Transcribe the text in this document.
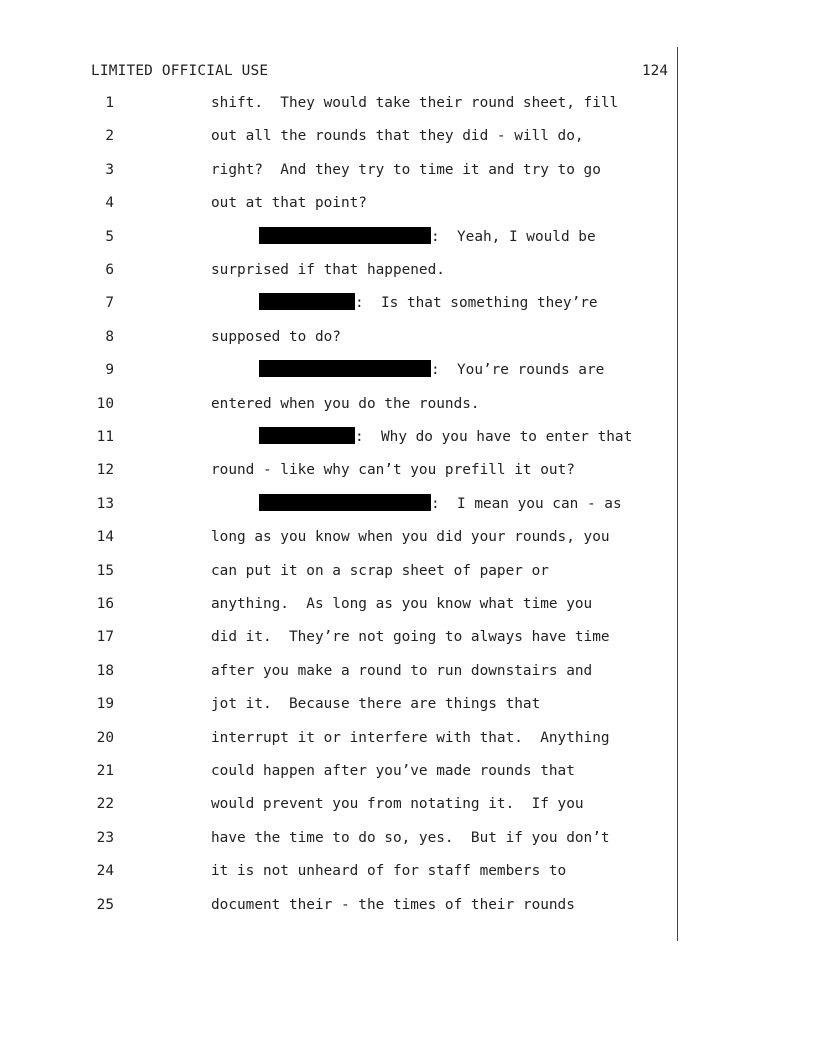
LIMITED OFFICIAL USE	124
1	shift.  They would take their round sheet, fill
2	out all the rounds that they did - will do,
3	right?  And they try to time it and try to go
4	out at that point?
5	:  Yeah, I would be
6	surprised if that happened.
7	:  Is that something they’re
8	supposed to do?
9	:  You’re rounds are
10	entered when you do the rounds.
11	:  Why do you have to enter that
12	round - like why can’t you prefill it out?
13	:  I mean you can - as
14	long as you know when you did your rounds, you
15	can put it on a scrap sheet of paper or
16	anything.  As long as you know what time you
17	did it.  They’re not going to always have time
18	after you make a round to run downstairs and
19	jot it.  Because there are things that
20	interrupt it or interfere with that.  Anything
21	could happen after you’ve made rounds that
22	would prevent you from notating it.  If you
23	have the time to do so, yes.  But if you don’t
24	it is not unheard of for staff members to
25	document their - the times of their rounds
